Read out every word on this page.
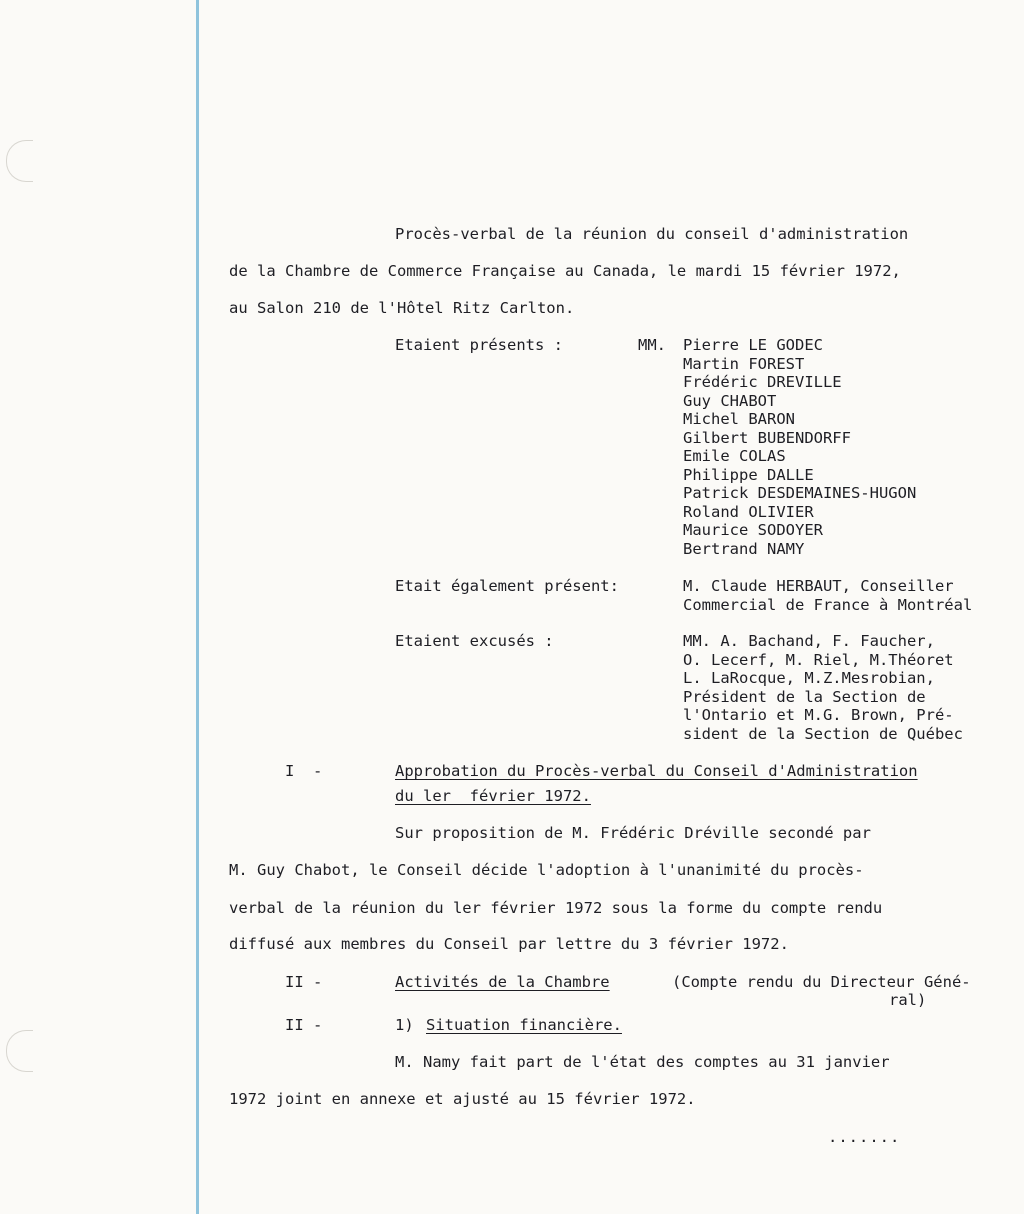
Procès-verbal de la réunion du conseil d'administration
de la Chambre de Commerce Française au Canada, le mardi 15 février 1972,
au Salon 210 de l'Hôtel Ritz Carlton.
Etaient présents :	MM. Pierre LE GODEC
Martin FOREST
Frédéric DREVILLE
Guy CHABOT
Michel BARON
Gilbert BUBENDORFF
Emile COLAS
Philippe DALLE
Patrick DESDEMAINES-HUGON
Roland OLIVIER
Maurice SODOYER
Bertrand NAMY
Etait également présent:	M. Claude HERBAUT, Conseiller
Commercial de France à Montréal
Etaient excusés :	MM. A. Bachand, F. Faucher,
O. Lecerf, M. Riel, M.Théoret
L. LaRocque, M.Z.Mesrobian,
Président de la Section de
l'Ontario et M.G. Brown, Pré-
sident de la Section de Québec
I  -	Approbation du Procès-verbal du Conseil d'Administration
du ler  février 1972.
Sur proposition de M. Frédéric Dréville secondé par
M. Guy Chabot, le Conseil décide l'adoption à l'unanimité du procès-
verbal de la réunion du ler février 1972 sous la forme du compte rendu
diffusé aux membres du Conseil par lettre du 3 février 1972.
II -	Activités de la Chambre	(Compte rendu du Directeur Géné-
ral)
II -	1) Situation financière.
M. Namy fait part de l'état des comptes au 31 janvier
1972 joint en annexe et ajusté au 15 février 1972.
.......
